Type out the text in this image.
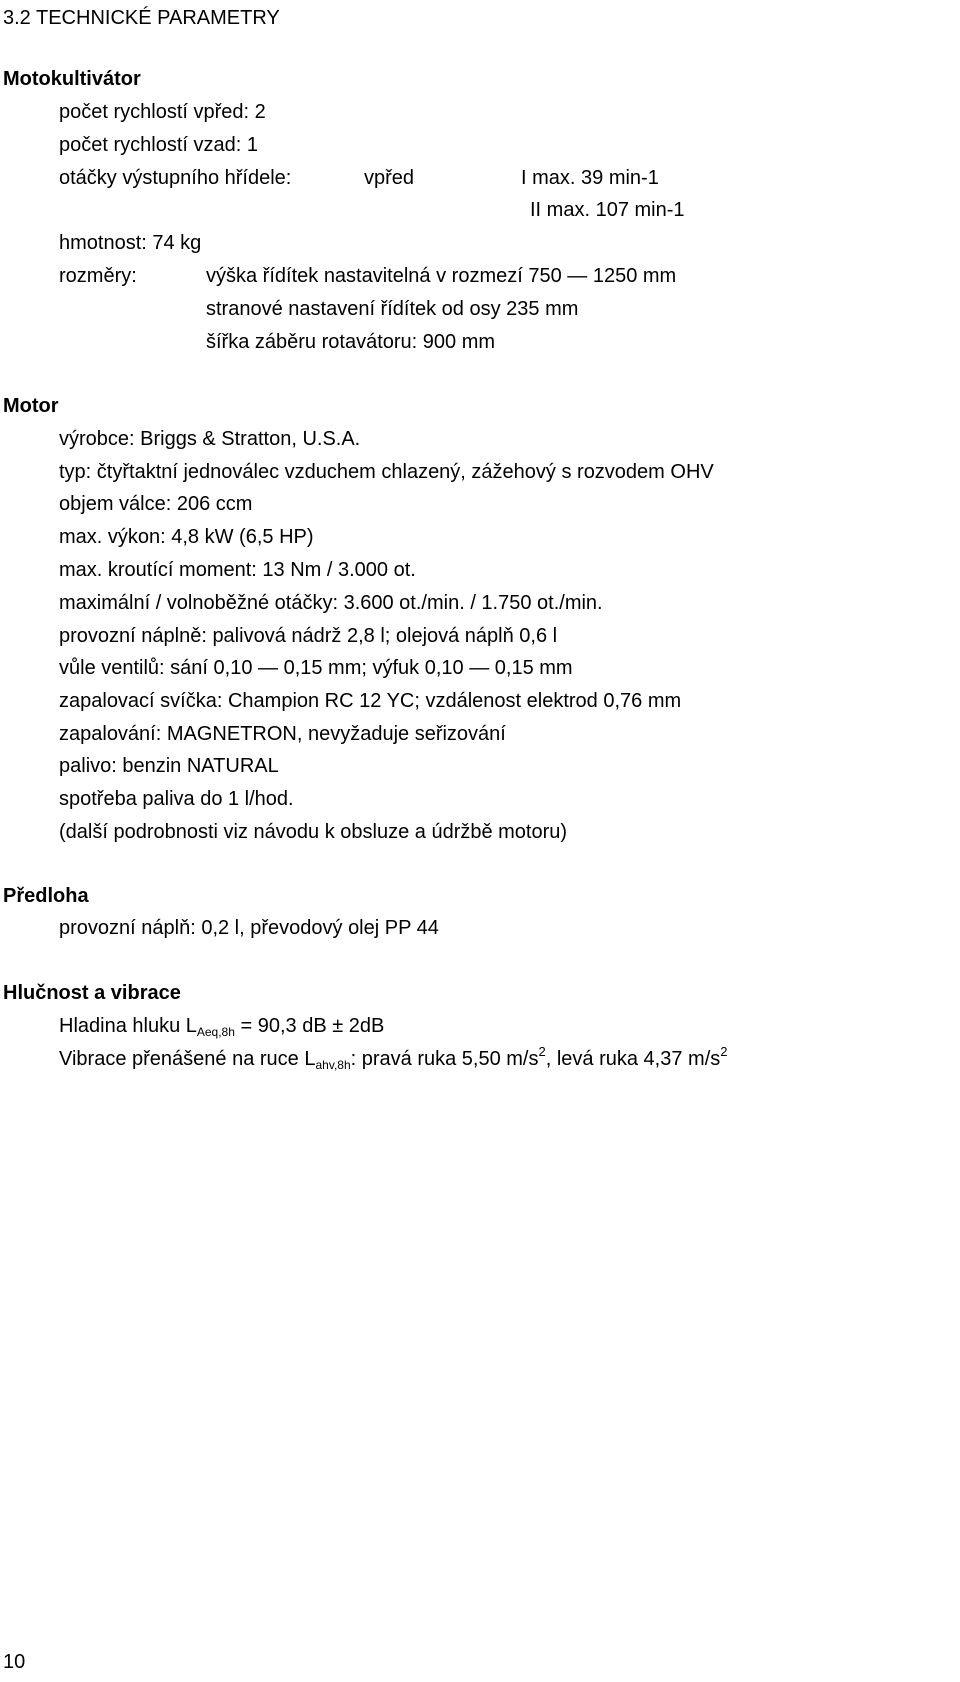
3.2 TECHNICKÉ PARAMETRY
Motokultivátor
počet rychlostí vpřed: 2
počet rychlostí vzad: 1
otáčky výstupního hřídele:	vpřed	I max. 39 min-1
II max. 107 min-1
hmotnost: 74 kg
rozměry:	výška řídítek nastavitelná v rozmezí 750 — 1250 mm
stranové nastavení řídítek od osy 235 mm
šířka záběru rotavátoru: 900 mm
Motor
výrobce: Briggs & Stratton, U.S.A.
typ: čtyřtaktní jednoválec vzduchem chlazený, zážehový s rozvodem OHV
objem válce: 206 ccm
max. výkon: 4,8 kW (6,5 HP)
max. kroutící moment: 13 Nm / 3.000 ot.
maximální / volnoběžné otáčky: 3.600 ot./min. / 1.750 ot./min.
provozní náplně: palivová nádrž 2,8 l; olejová náplň 0,6 l
vůle ventilů: sání 0,10 — 0,15 mm; výfuk 0,10 — 0,15 mm
zapalovací svíčka: Champion RC 12 YC; vzdálenost elektrod 0,76 mm
zapalování: MAGNETRON, nevyžaduje seřizování
palivo: benzin NATURAL
spotřeba paliva do 1 l/hod.
(další podrobnosti viz návodu k obsluze a údržbě motoru)
Předloha
provozní náplň: 0,2 l, převodový olej PP 44
Hlučnost a vibrace
Hladina hluku $L_{Aeq,8h} = 90,3$ dB ± 2dB
Vibrace přenášené na ruce $L_{ahv,8h}$: pravá ruka 5,50 $m/s^2$, levá ruka 4,37 $m/s^2$
10
